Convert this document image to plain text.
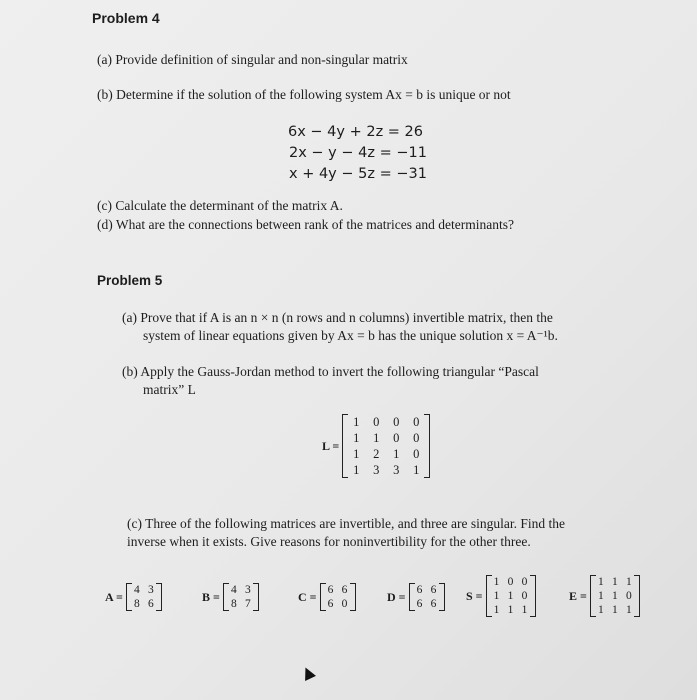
Problem 4
(a) Provide definition of singular and non-singular matrix
(b) Determine if the solution of the following system Ax = b is unique or not
6x − 4y + 2z = 26
2x − y − 4z = −11
x + 4y − 5z = −31
(c) Calculate the determinant of the matrix A.
(d) What are the connections between rank of the matrices and determinants?
Problem 5
(a) Prove that if A is an n × n (n rows and n columns) invertible matrix, then the
system of linear equations given by Ax = b has the unique solution x = A⁻¹b.
(b) Apply the Gauss-Jordan method to invert the following triangular “Pascal
matrix” L
L =
1	0	0	0
1	1	0	0
1	2	1	0
1	3	3	1
(c) Three of the following matrices are invertible, and three are singular. Find the
inverse when it exists. Give reasons for noninvertibility for the other three.
A = 4 3
8 6
B = 4 3
8 7
C = 6 6
6 0
D = 6 6
6 6
S =
1 0 0
1 1 0
1 1 1
E =
1 1 1
1 1 0
1 1 1
